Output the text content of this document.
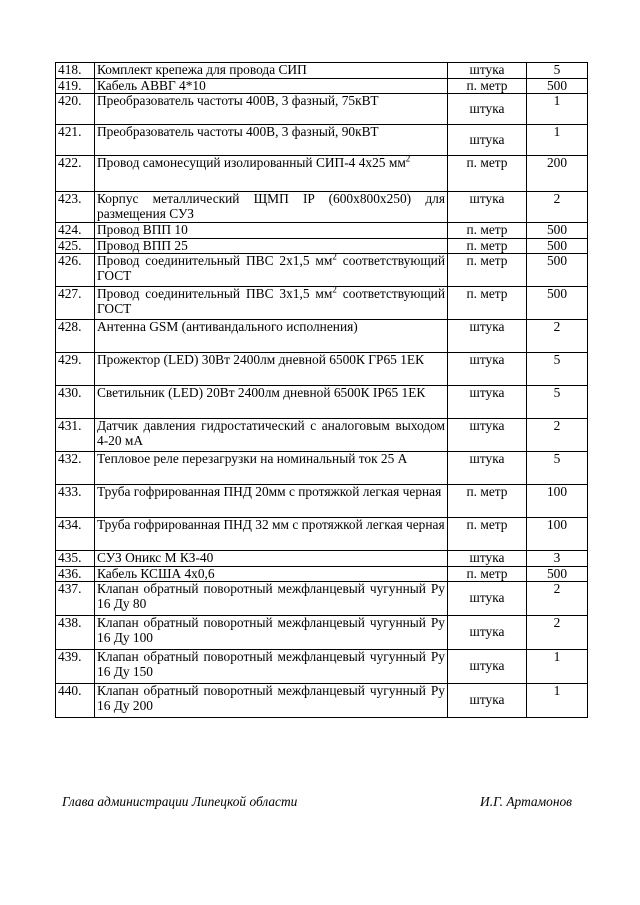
418.	Комплект крепежа для провода СИП	штука	5
419.	Кабель АВВГ 4*10	п. метр	500
420.	Преобразователь частоты 400В, 3 фазный, 75кВТ	штука	1
421.	Преобразователь частоты 400В, 3 фазный, 90кВТ	штука	1
422.	Провод самонесущий изолированный СИП-4 4х25 $мм^2$	п. метр	200
423.	Корпус металлический ЩМП IP (600х800х250) для размещения СУЗ	штука	2
424.	Провод ВПП 10	п. метр	500
425.	Провод ВПП 25	п. метр	500
426.	Провод соединительный ПВС 2х1,5 $мм^2$ соответствующий ГОСТ	п. метр	500
427.	Провод соединительный ПВС 3х1,5 $мм^2$ соответствующий ГОСТ	п. метр	500
428.	Антенна GSM (антивандального исполнения)	штука	2
429.	Прожектор (LED) 30Вт 2400лм дневной 6500К ГР65 1ЕК	штука	5
430.	Светильник (LED) 20Вт 2400лм дневной 6500К IP65 1ЕК	штука	5
431.	Датчик давления гидростатический с аналоговым выходом 4-20 мА	штука	2
432.	Тепловое реле перезагрузки на номинальный ток 25 А	штука	5
433.	Труба гофрированная ПНД 20мм с протяжкой легкая черная	п. метр	100
434.	Труба гофрированная ПНД 32 мм с протяжкой легкая черная	п. метр	100
435.	СУЗ Оникс М КЗ-40	штука	3
436.	Кабель КСША 4х0,6	п. метр	500
437.	Клапан обратный поворотный межфланцевый чугунный Ру 16 Ду 80	штука	2
438.	Клапан обратный поворотный межфланцевый чугунный Ру 16 Ду 100	штука	2
439.	Клапан обратный поворотный межфланцевый чугунный Ру 16 Ду 150	штука	1
440.	Клапан обратный поворотный межфланцевый чугунный Ру 16 Ду 200	штука	1
Глава администрации Липецкой области	И.Г. Артамонов
